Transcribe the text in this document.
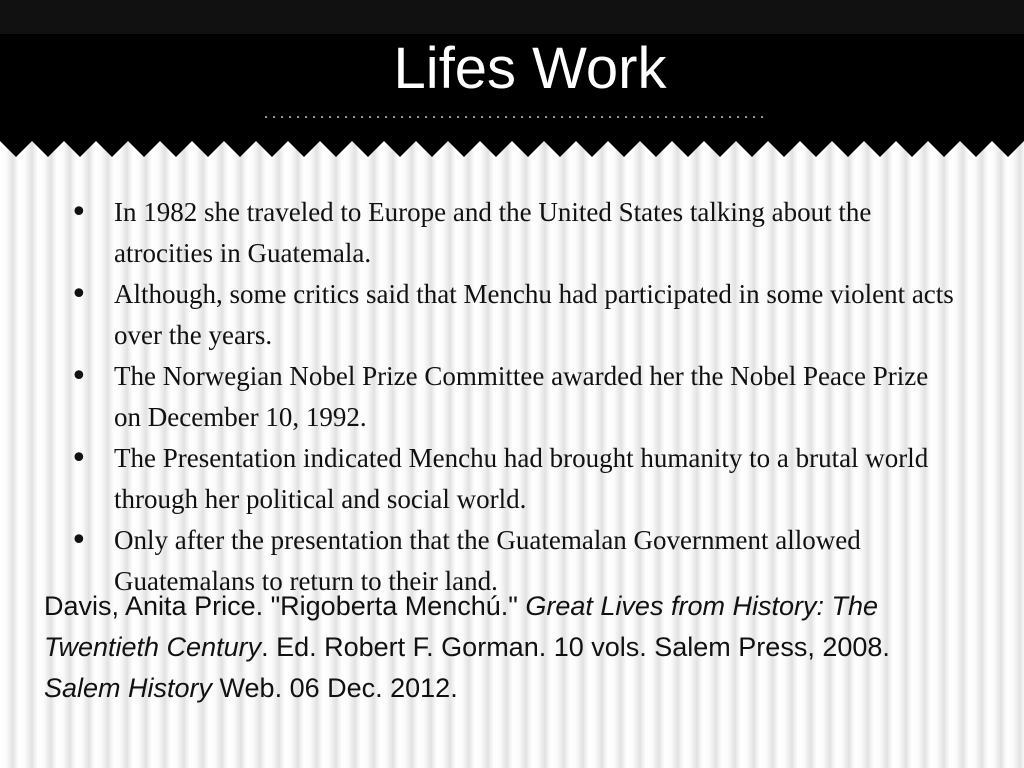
Lifes Work
• In 1982 she traveled to Europe and the United States talking about the atrocities in Guatemala.
• Although, some critics said that Menchu had participated in some violent acts over the years.
• The Norwegian Nobel Prize Committee awarded her the Nobel Peace Prize on December 10, 1992.
• The Presentation indicated Menchu had brought humanity to a brutal world through her political and social world.
• Only after the presentation that the Guatemalan Government allowed Guatemalans to return to their land.

Davis, Anita Price. "Rigoberta Menchú." Great Lives from History: The Twentieth Century. Ed. Robert F. Gorman. 10 vols. Salem Press, 2008. Salem History Web. 06 Dec. 2012.
